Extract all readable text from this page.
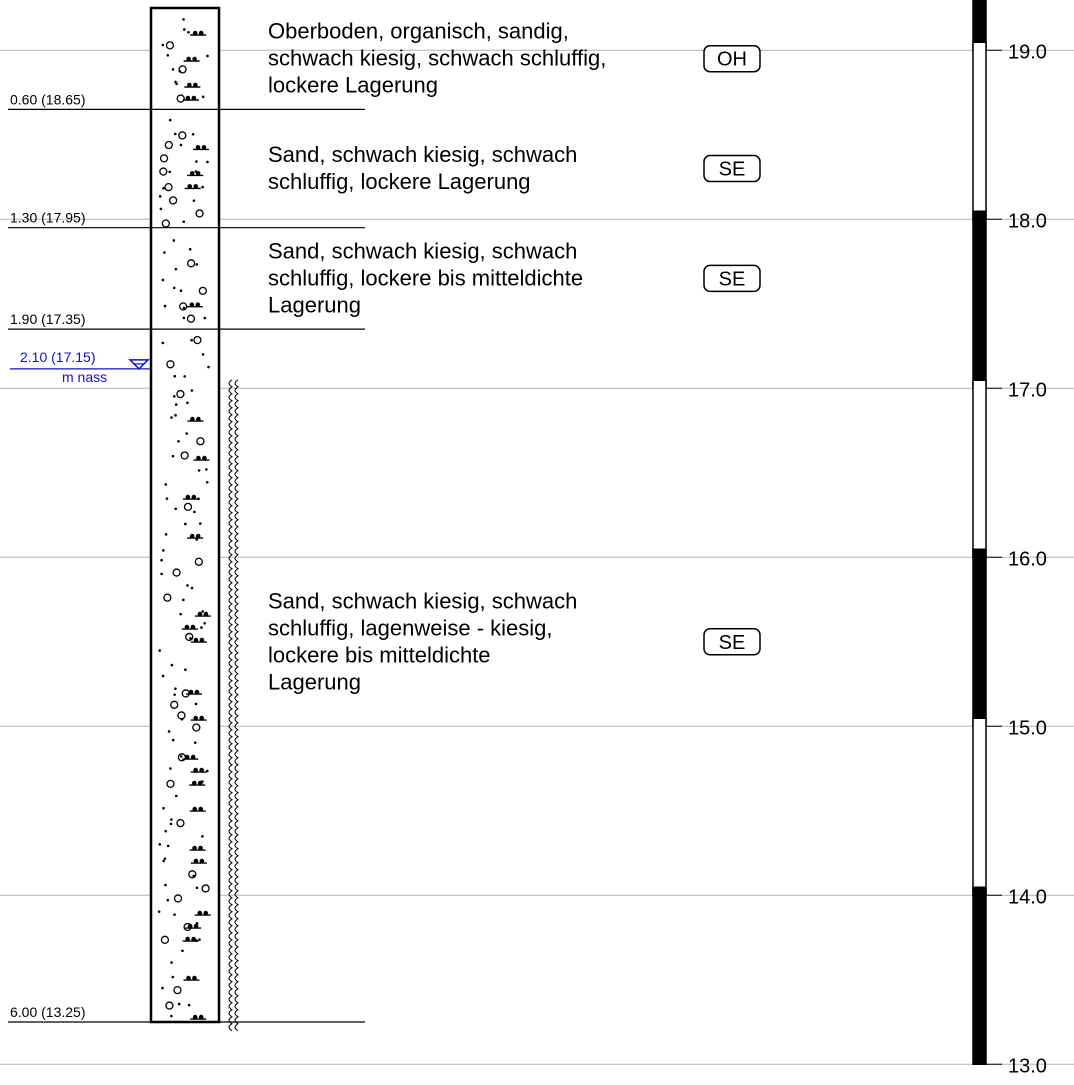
0.60 (18.65)
1.30 (17.95)
1.90 (17.35)
6.00 (13.25)
Oberboden, organisch, sandig,
schwach kiesig, schwach schluffig,
lockere Lagerung
OH
Sand, schwach kiesig, schwach
schluffig, lockere Lagerung	SE
Sand, schwach kiesig, schwach
schluffig, lockere bis mitteldichte
Lagerung
SE
Sand, schwach kiesig, schwach
schluffig, lagenweise - kiesig,
lockere bis mitteldichte
Lagerung
SE
2.10 (17.15)
m nass
19.0
18.0
17.0
16.0
15.0
14.0
13.0
